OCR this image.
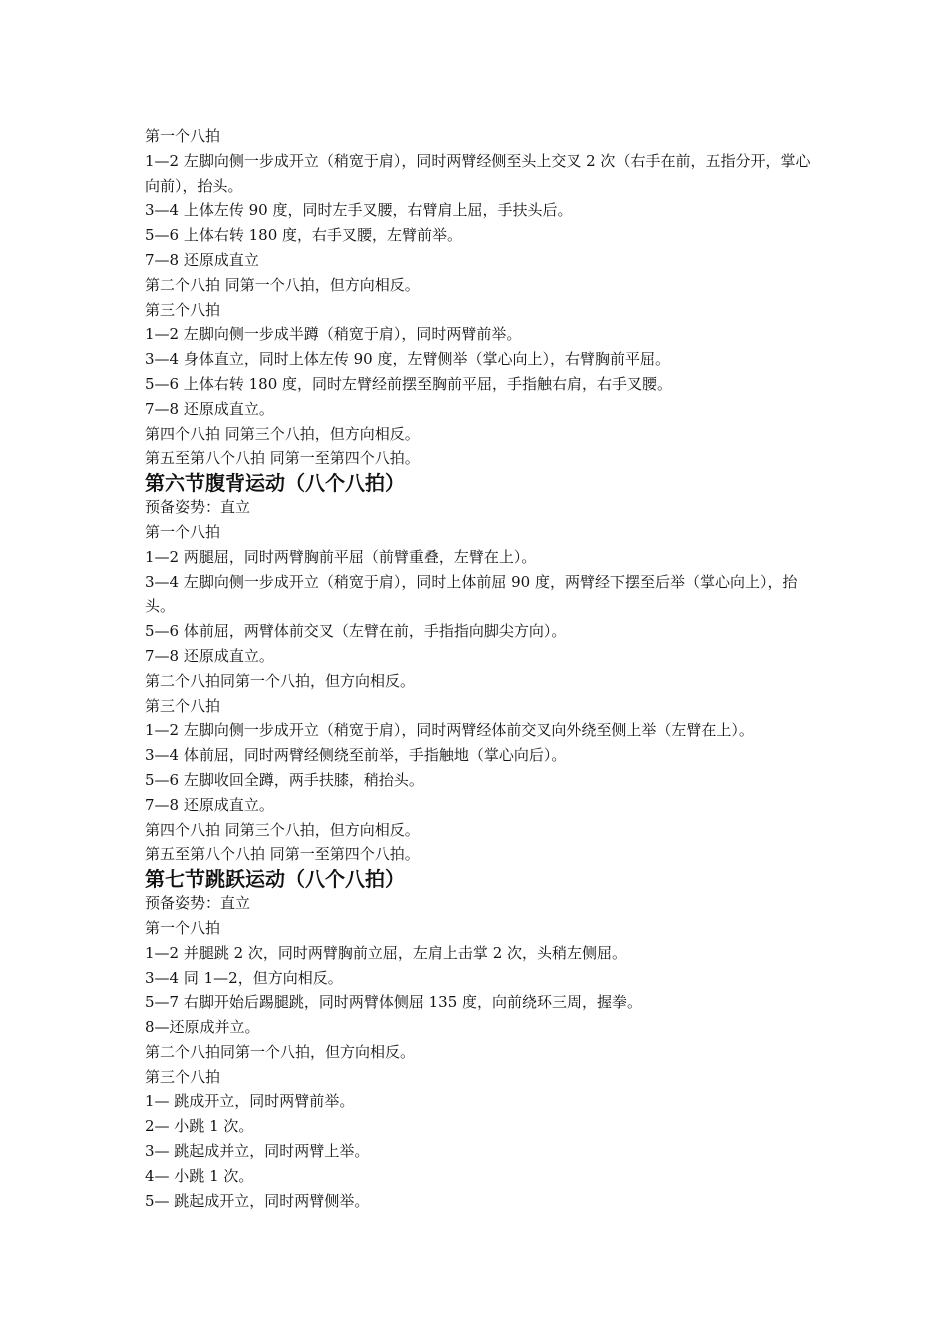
第一个八拍
1—2 左脚向侧一步成开立（稍宽于肩），同时两臂经侧至头上交叉 2 次（右手在前，五指分开，掌心向前），抬头。
3—4 上体左传 90 度，同时左手叉腰，右臂肩上屈，手扶头后。
5—6 上体右转 180 度，右手叉腰，左臂前举。
7—8 还原成直立
第二个八拍 同第一个八拍，但方向相反。
第三个八拍
1—2 左脚向侧一步成半蹲（稍宽于肩），同时两臂前举。
3—4 身体直立，同时上体左传 90 度，左臂侧举（掌心向上），右臂胸前平屈。
5—6 上体右转 180 度，同时左臂经前摆至胸前平屈，手指触右肩，右手叉腰。
7—8 还原成直立。
第四个八拍 同第三个八拍，但方向相反。
第五至第八个八拍 同第一至第四个八拍。
第六节腹背运动（八个八拍）
预备姿势：直立
第一个八拍
1—2 两腿屈，同时两臂胸前平屈（前臂重叠，左臂在上）。
3—4 左脚向侧一步成开立（稍宽于肩），同时上体前屈 90 度，两臂经下摆至后举（掌心向上），抬头。
5—6 体前屈，两臂体前交叉（左臂在前，手指指向脚尖方向）。
7—8 还原成直立。
第二个八拍同第一个八拍，但方向相反。
第三个八拍
1—2 左脚向侧一步成开立（稍宽于肩），同时两臂经体前交叉向外绕至侧上举（左臂在上）。
3—4 体前屈，同时两臂经侧绕至前举，手指触地（掌心向后）。
5—6 左脚收回全蹲，两手扶膝，稍抬头。
7—8 还原成直立。
第四个八拍 同第三个八拍，但方向相反。
第五至第八个八拍 同第一至第四个八拍。
第七节跳跃运动（八个八拍）
预备姿势：直立
第一个八拍
1—2 并腿跳 2 次，同时两臂胸前立屈，左肩上击掌 2 次，头稍左侧屈。
3—4 同 1—2，但方向相反。
5—7 右脚开始后踢腿跳，同时两臂体侧屈 135 度，向前绕环三周，握拳。
8—还原成并立。
第二个八拍同第一个八拍，但方向相反。
第三个八拍
1— 跳成开立，同时两臂前举。
2— 小跳 1 次。
3— 跳起成并立，同时两臂上举。
4— 小跳 1 次。
5— 跳起成开立，同时两臂侧举。
